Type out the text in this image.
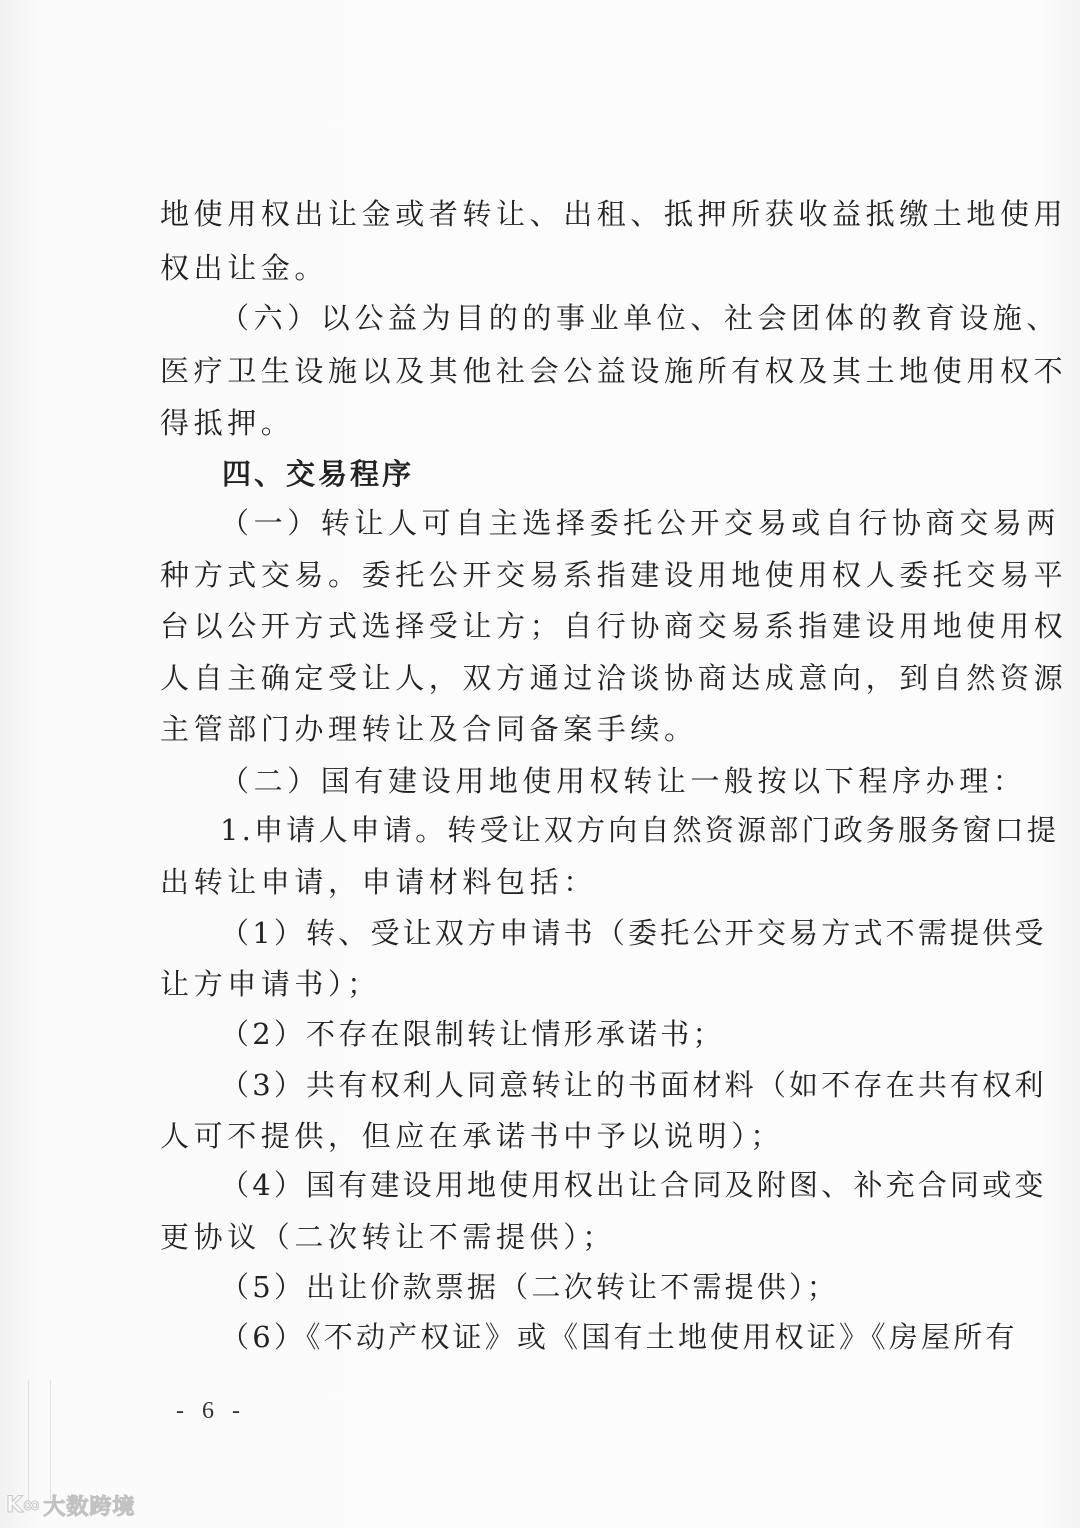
地使用权出让金或者转让、出租、抵押所获收益抵缴土地使用
权出让金。
（六）以公益为目的的事业单位、社会团体的教育设施、
医疗卫生设施以及其他社会公益设施所有权及其土地使用权不
得抵押。
四、交易程序
（一）转让人可自主选择委托公开交易或自行协商交易两
种方式交易。委托公开交易系指建设用地使用权人委托交易平
台以公开方式选择受让方；自行协商交易系指建设用地使用权
人自主确定受让人，双方通过洽谈协商达成意向，到自然资源
主管部门办理转让及合同备案手续。
（二）国有建设用地使用权转让一般按以下程序办理：
1.申请人申请。转受让双方向自然资源部门政务服务窗口提
出转让申请，申请材料包括：
（1）转、受让双方申请书（委托公开交易方式不需提供受
让方申请书）；
（2）不存在限制转让情形承诺书；
（3）共有权利人同意转让的书面材料（如不存在共有权利
人可不提供，但应在承诺书中予以说明）；
（4）国有建设用地使用权出让合同及附图、补充合同或变
更协议（二次转让不需提供）；
（5）出让价款票据（二次转让不需提供）；
（6）《不动产权证》或《国有土地使用权证》《房屋所有
- 6 -
K∞ 大数跨境
